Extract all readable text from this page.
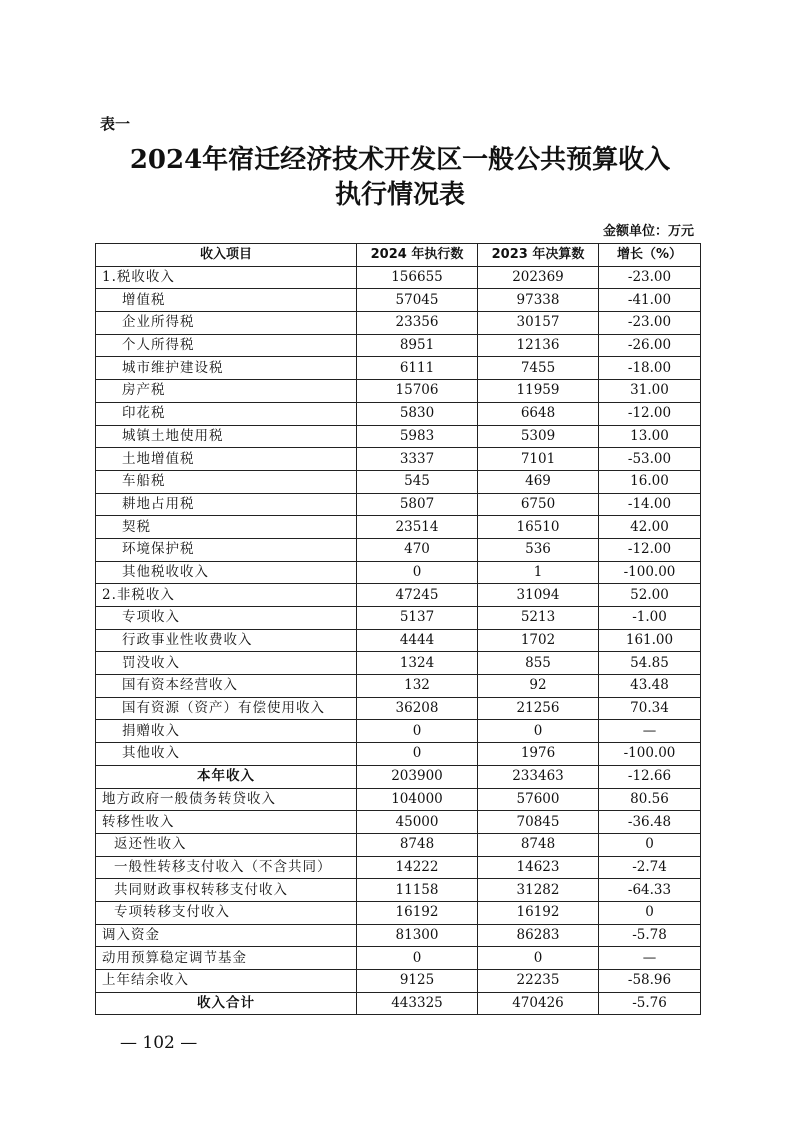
表一
2024年宿迁经济技术开发区一般公共预算收入
执行情况表
金额单位：万元
收入项目	2024 年执行数	2023 年决算数	增长（%）
1.税收收入	156655	202369	-23.00
增值税	57045	97338	-41.00
企业所得税	23356	30157	-23.00
个人所得税	8951	12136	-26.00
城市维护建设税	6111	7455	-18.00
房产税	15706	11959	31.00
印花税	5830	6648	-12.00
城镇土地使用税	5983	5309	13.00
土地增值税	3337	7101	-53.00
车船税	545	469	16.00
耕地占用税	5807	6750	-14.00
契税	23514	16510	42.00
环境保护税	470	536	-12.00
其他税收收入	0	1	-100.00
2.非税收入	47245	31094	52.00
专项收入	5137	5213	-1.00
行政事业性收费收入	4444	1702	161.00
罚没收入	1324	855	54.85
国有资本经营收入	132	92	43.48
国有资源（资产）有偿使用收入	36208	21256	70.34
捐赠收入	0	0	—
其他收入	0	1976	-100.00
本年收入	203900	233463	-12.66
地方政府一般债务转贷收入	104000	57600	80.56
转移性收入	45000	70845	-36.48
返还性收入	8748	8748	0
一般性转移支付收入（不含共同）	14222	14623	-2.74
共同财政事权转移支付收入	11158	31282	-64.33
专项转移支付收入	16192	16192	0
调入资金	81300	86283	-5.78
动用预算稳定调节基金	0	0	—
上年结余收入	9125	22235	-58.96
收入合计	443325	470426	-5.76
— 102 —
